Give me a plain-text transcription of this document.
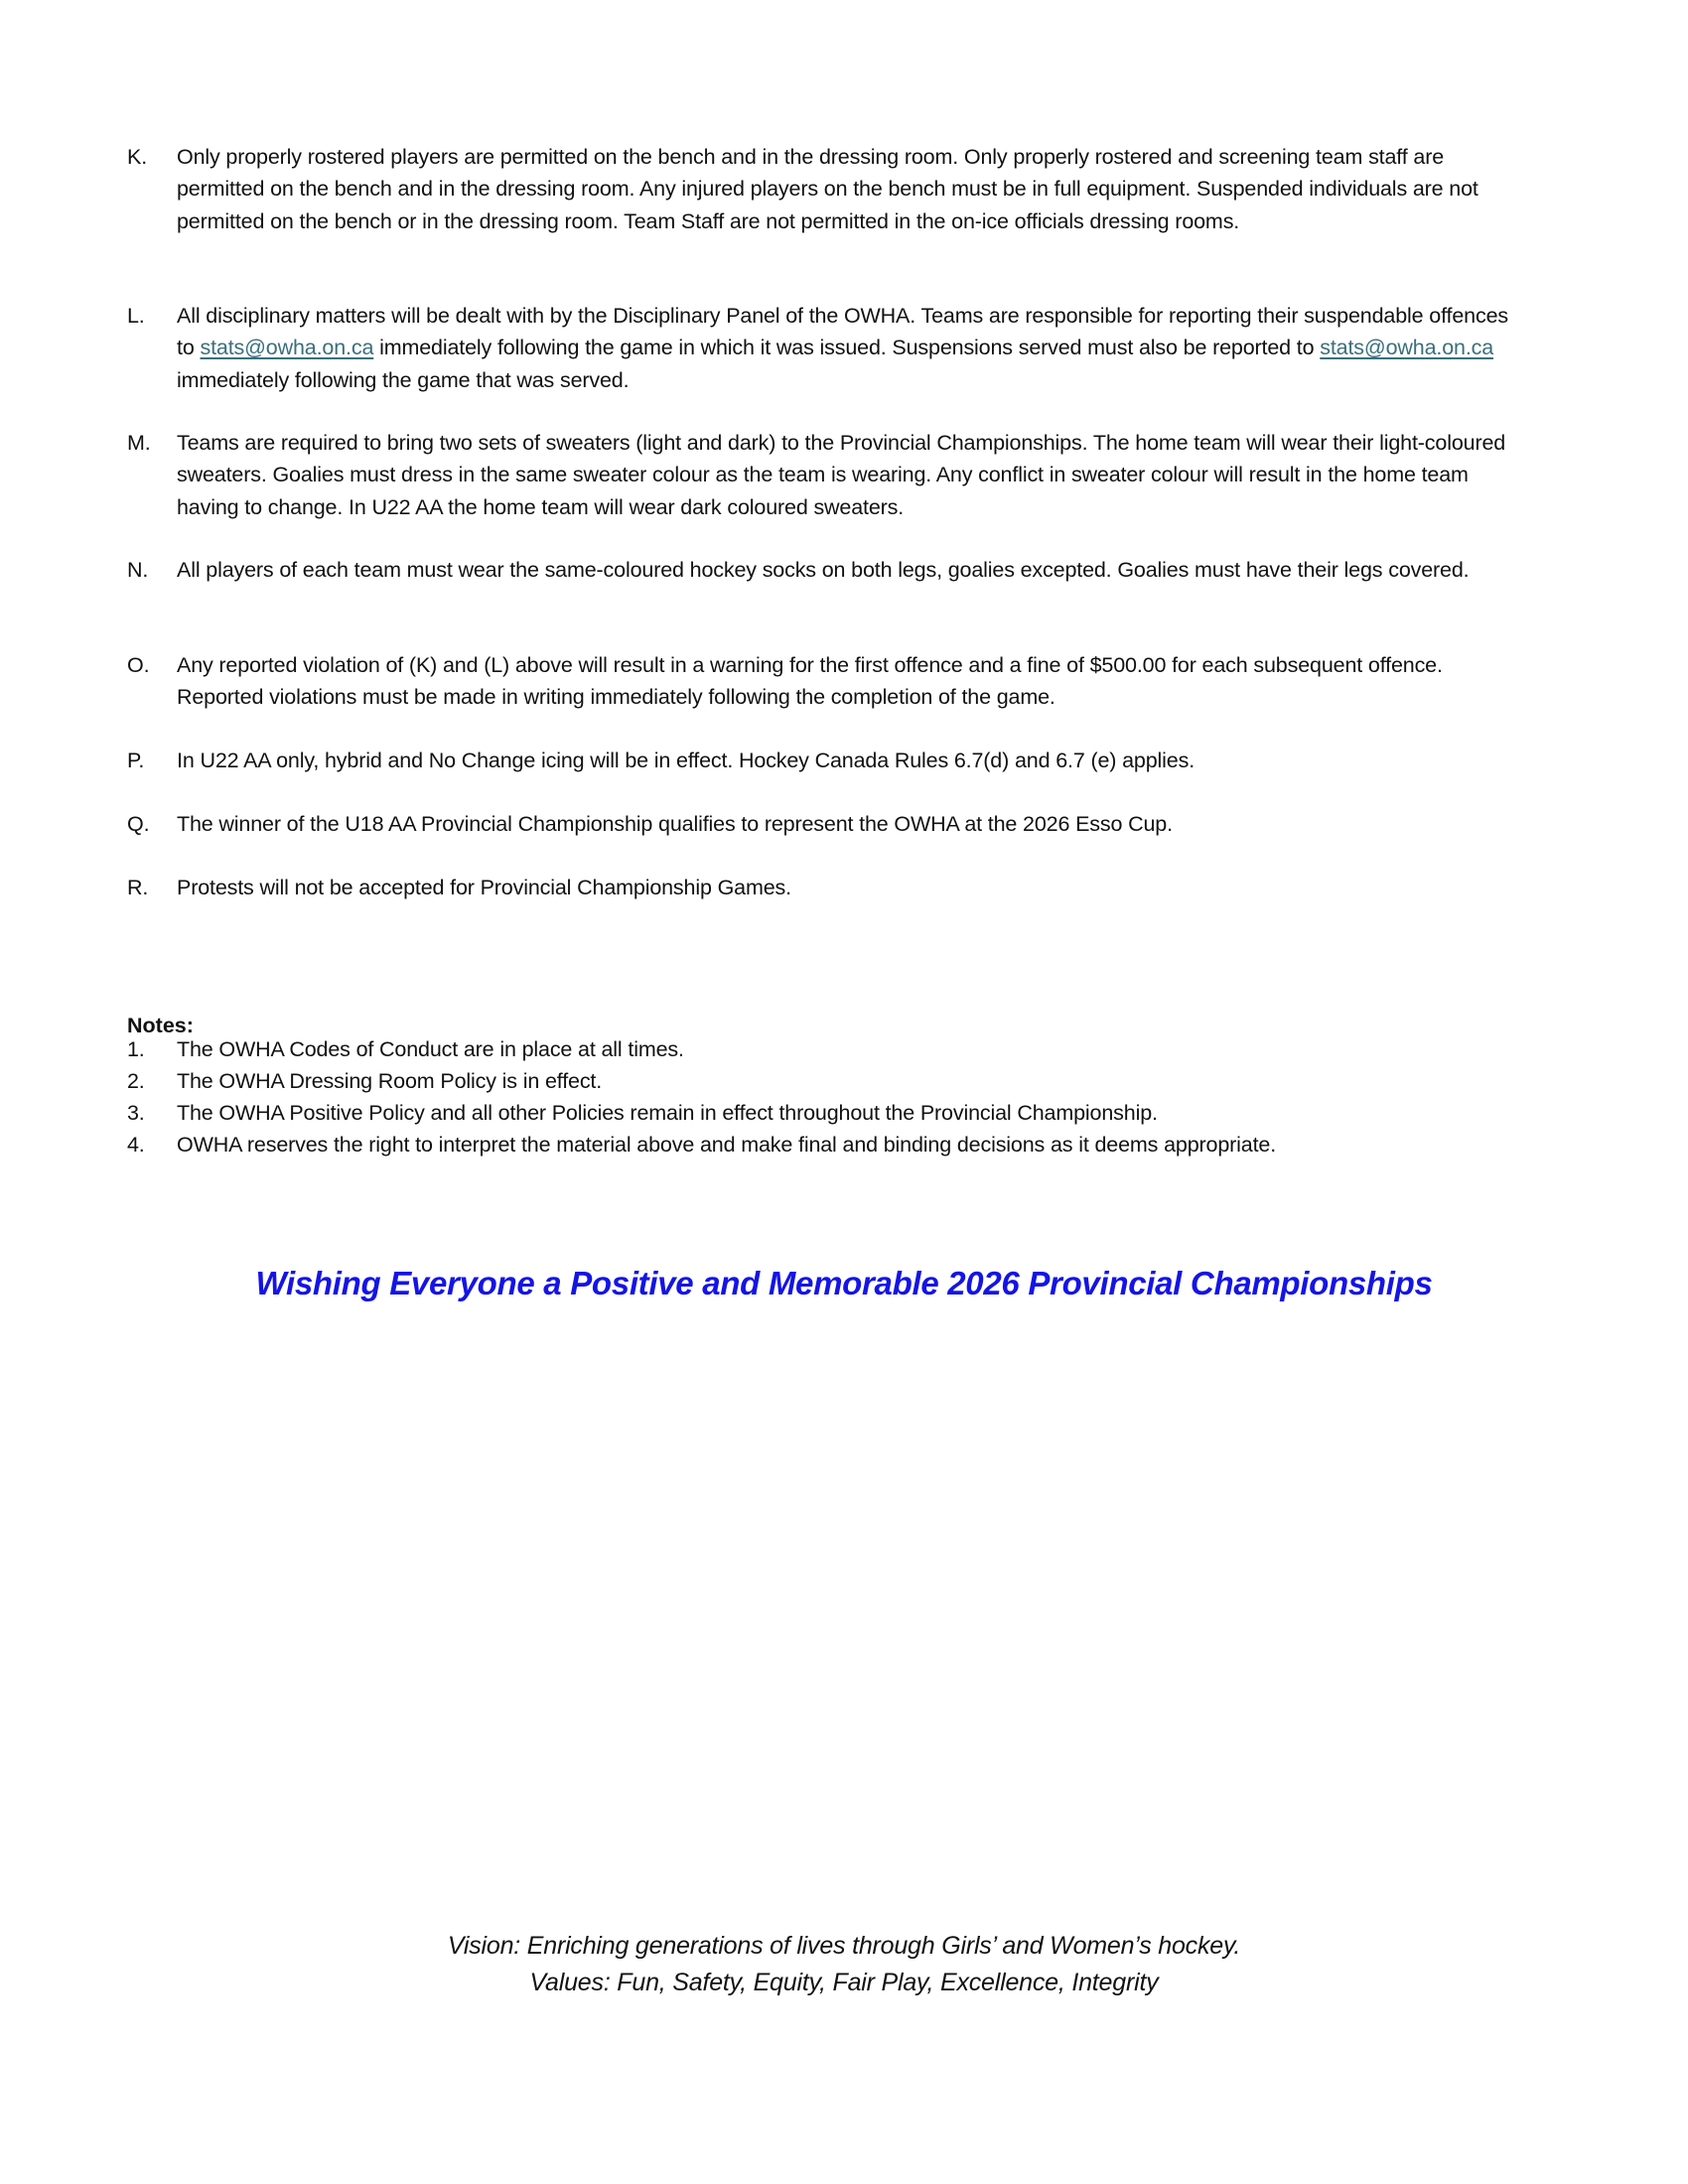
K.	Only properly rostered players are permitted on the bench and in the dressing room. Only properly rostered and screening team staff are permitted on the bench and in the dressing room. Any injured players on the bench must be in full equipment. Suspended individuals are not permitted on the bench or in the dressing room. Team Staff are not permitted in the on-ice officials dressing rooms.
L.	All disciplinary matters will be dealt with by the Disciplinary Panel of the OWHA. Teams are responsible for reporting their suspendable offences to stats@owha.on.ca immediately following the game in which it was issued. Suspensions served must also be reported to stats@owha.on.ca immediately following the game that was served.
M.	Teams are required to bring two sets of sweaters (light and dark) to the Provincial Championships. The home team will wear their light-coloured sweaters. Goalies must dress in the same sweater colour as the team is wearing. Any conflict in sweater colour will result in the home team having to change. In U22 AA the home team will wear dark coloured sweaters.
N.	All players of each team must wear the same-coloured hockey socks on both legs, goalies excepted. Goalies must have their legs covered.
O.	Any reported violation of (K) and (L) above will result in a warning for the first offence and a fine of $500.00 for each subsequent offence. Reported violations must be made in writing immediately following the completion of the game.
P.	In U22 AA only, hybrid and No Change icing will be in effect. Hockey Canada Rules 6.7(d) and 6.7 (e) applies.
Q.	The winner of the U18 AA Provincial Championship qualifies to represent the OWHA at the 2026 Esso Cup.
R.	Protests will not be accepted for Provincial Championship Games.
Notes:
1.	The OWHA Codes of Conduct are in place at all times.
2.	The OWHA Dressing Room Policy is in effect.
3.	The OWHA Positive Policy and all other Policies remain in effect throughout the Provincial Championship.
4.	OWHA reserves the right to interpret the material above and make final and binding decisions as it deems appropriate.
Wishing Everyone a Positive and Memorable 2026 Provincial Championships
Vision: Enriching generations of lives through Girls’ and Women’s hockey.
Values: Fun, Safety, Equity, Fair Play, Excellence, Integrity
